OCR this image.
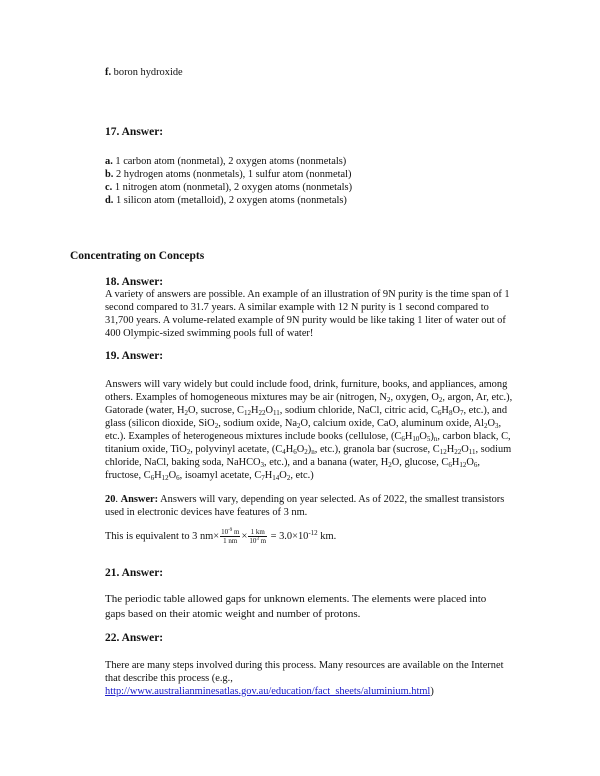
f. boron hydroxide

17. Answer:

a. 1 carbon atom (nonmetal), 2 oxygen atoms (nonmetals)
b. 2 hydrogen atoms (nonmetals), 1 sulfur atom (nonmetal)
c. 1 nitrogen atom (nonmetal), 2 oxygen atoms (nonmetals)
d. 1 silicon atom (metalloid), 2 oxygen atoms (nonmetals)

Concentrating on Concepts

18. Answer:

A variety of answers are possible. An example of an illustration of 9N purity is the time span of 1
second compared to 31.7 years. A similar example with 12 N purity is 1 second compared to
31,700 years. A volume-related example of 9N purity would be like taking 1 liter of water out of
400 Olympic-sized swimming pools full of water!

19. Answer:

Answers will vary widely but could include food, drink, furniture, books, and appliances, among
others. Examples of homogeneous mixtures may be air (nitrogen, $N_2$, oxygen, $O_2$, argon, Ar, etc.),
Gatorade (water, $H_2O$, sucrose, $C_{12}H_{22}O_{11}$, sodium chloride, NaCl, citric acid, $C_6H_8O_7$, etc.), and
glass (silicon dioxide, SiO$_2$, sodium oxide, $Na_2O$, calcium oxide, CaO, aluminum oxide, $Al_2O_3$,
etc.). Examples of heterogeneous mixtures include books (cellulose, $(C_6H_{10}O_5)_n$, carbon black, C,
titanium oxide, TiO$_2$, polyvinyl acetate, $(C_4H_6O_2)_n$, etc.), granola bar (sucrose, $C_{12}H_{22}O_{11}$, sodium
chloride, NaCl, baking soda, NaHCO$_3$, etc.), and a banana (water, $H_2O$, glucose, $C_6H_{12}O_6$,
fructose, $C_6H_{12}O_6$, isoamyl acetate, $C_7H_{14}O_2$, etc.)
20. Answer: Answers will vary, depending on year selected. As of 2022, the smallest transistors
used in electronic devices have features of 3 nm.
This is equivalent to 3 $nm\times \frac{10^{-9} m}{1 nm} \times \frac{1 km}{10^3 m} = 3.0\times 10^{-12}$ km.

21. Answer:

The periodic table allowed gaps for unknown elements. The elements were placed into
gaps based on their atomic weight and number of protons.

22. Answer:

There are many steps involved during this process. Many resources are available on the Internet
that describe this process (e.g.,
http://www.australianminesatlas.gov.au/education/fact_sheets/aluminium.html)
